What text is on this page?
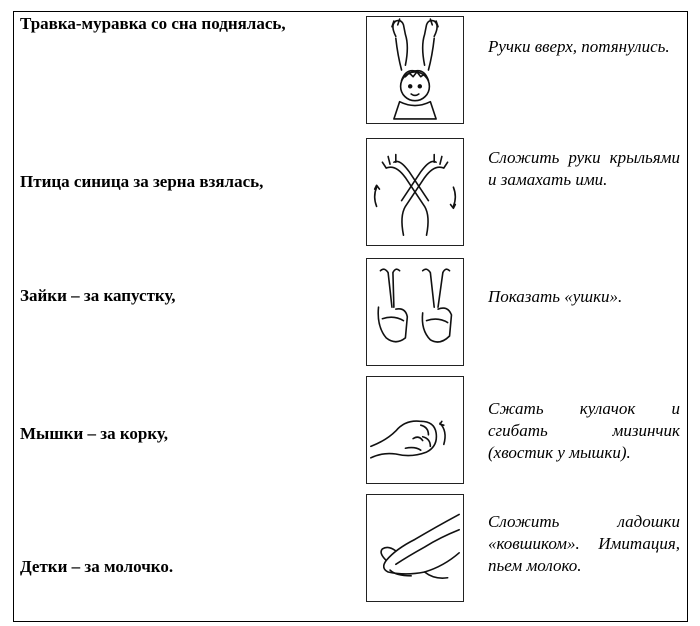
Травка-муравка со сна поднялась,
Ручки вверх, потянулись.
Птица синица за зерна взялась,
Сложить руки крыльями и замахать ими.
Зайки – за капустку,	Показать «ушки».
Мышки – за корку,
Сжать кулачок и сгибать мизинчик (хвостик у мышки).
Детки – за молочко.
Сложить ладошки «ковшиком». Имитация, пьем молоко.
